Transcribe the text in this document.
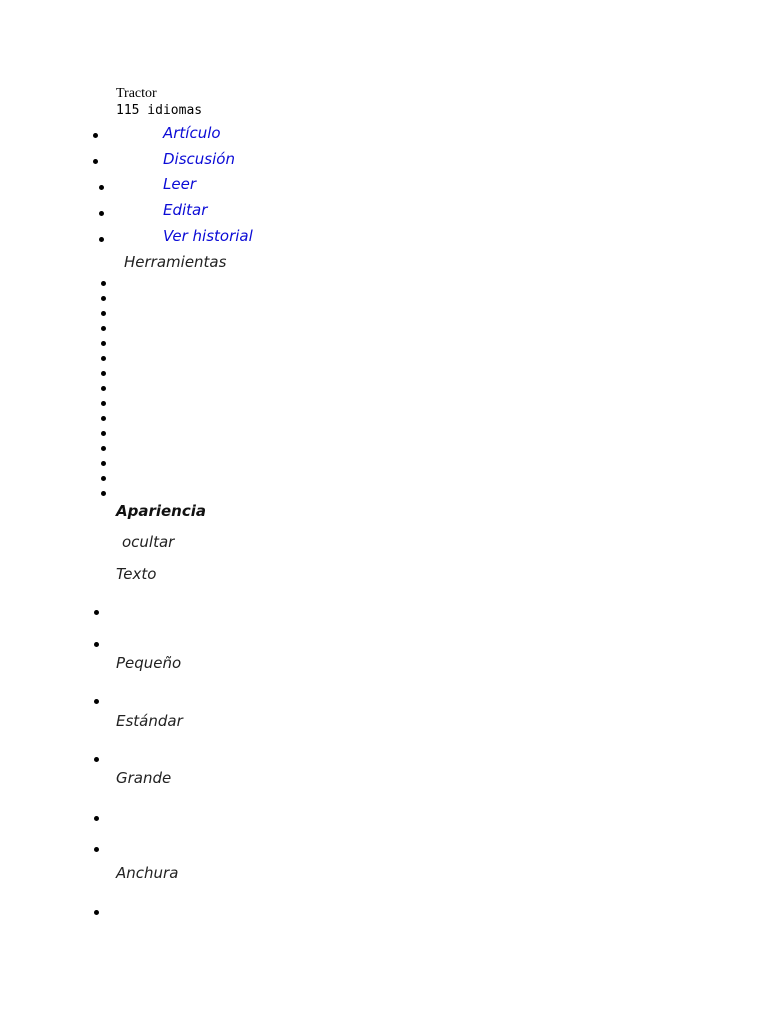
Tractor
115 idiomas
Artículo
Discusión
Leer
Editar
Ver historial
Herramientas
Apariencia
ocultar
Texto
Pequeño
Estándar
Grande
Anchura
